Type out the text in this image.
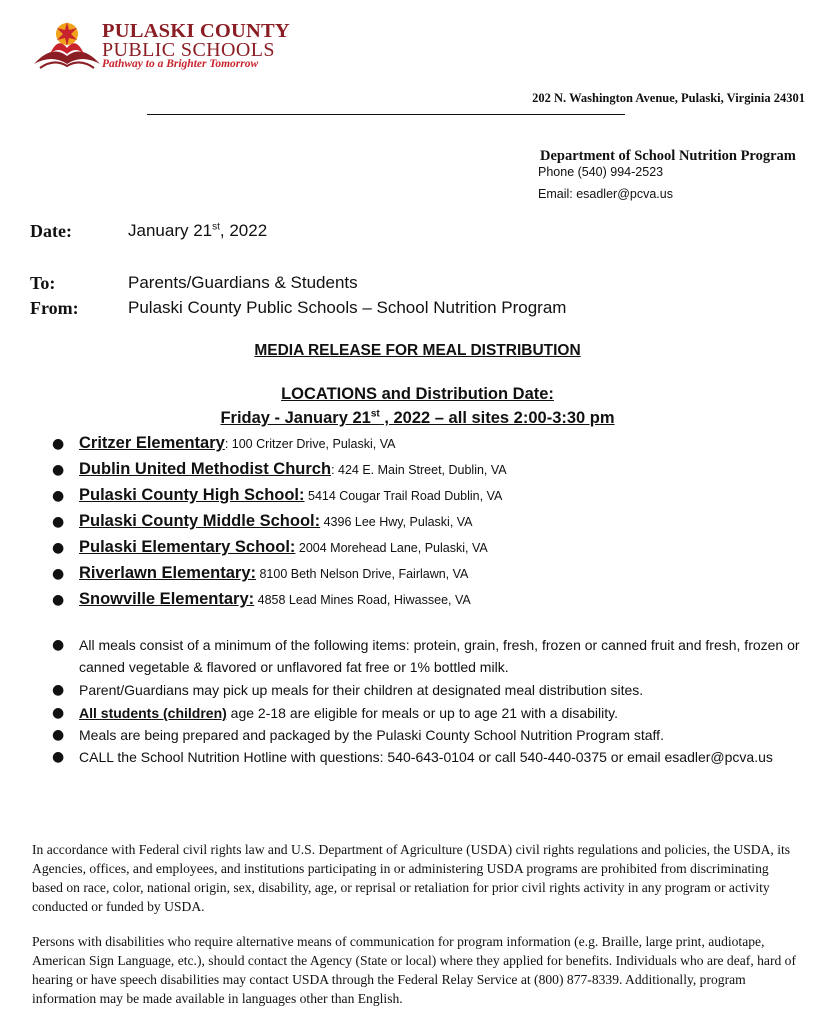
PULASKI COUNTY
PUBLIC SCHOOLS
Pathway to a Brighter Tomorrow
202 N. Washington Avenue, Pulaski, Virginia 24301
Department of School Nutrition Program
Phone (540) 994-2523
Email: esadler@pcva.us
Date:	January 21st, 2022
To:	Parents/Guardians & Students
From:	Pulaski County Public Schools – School Nutrition Program
MEDIA RELEASE FOR MEAL DISTRIBUTION
LOCATIONS and Distribution Date:
Friday - January 21st , 2022 – all sites 2:00-3:30 pm
● Critzer Elementary: 100 Critzer Drive, Pulaski, VA
● Dublin United Methodist Church: 424 E. Main Street, Dublin, VA
● Pulaski County High School: 5414 Cougar Trail Road Dublin, VA
● Pulaski County Middle School: 4396 Lee Hwy, Pulaski, VA
● Pulaski Elementary School: 2004 Morehead Lane, Pulaski, VA
● Riverlawn Elementary: 8100 Beth Nelson Drive, Fairlawn, VA
● Snowville Elementary: 4858 Lead Mines Road, Hiwassee, VA
●	All meals consist of a minimum of the following items: protein, grain, fresh, frozen or canned fruit and fresh, frozen or canned vegetable & flavored or unflavored fat free or 1% bottled milk.
●	Parent/Guardians may pick up meals for their children at designated meal distribution sites.
●	All students (children) age 2-18 are eligible for meals or up to age 21 with a disability.
●	Meals are being prepared and packaged by the Pulaski County School Nutrition Program staff.
●	CALL the School Nutrition Hotline with questions: 540-643-0104 or call 540-440-0375 or email esadler@pcva.us

In accordance with Federal civil rights law and U.S. Department of Agriculture (USDA) civil rights regulations and policies, the USDA, its Agencies, offices, and employees, and institutions participating in or administering USDA programs are prohibited from discriminating based on race, color, national origin, sex, disability, age, or reprisal or retaliation for prior civil rights activity in any program or activity conducted or funded by USDA.

Persons with disabilities who require alternative means of communication for program information (e.g. Braille, large print, audiotape, American Sign Language, etc.), should contact the Agency (State or local) where they applied for benefits. Individuals who are deaf, hard of hearing or have speech disabilities may contact USDA through the Federal Relay Service at (800) 877-8339. Additionally, program information may be made available in languages other than English.
